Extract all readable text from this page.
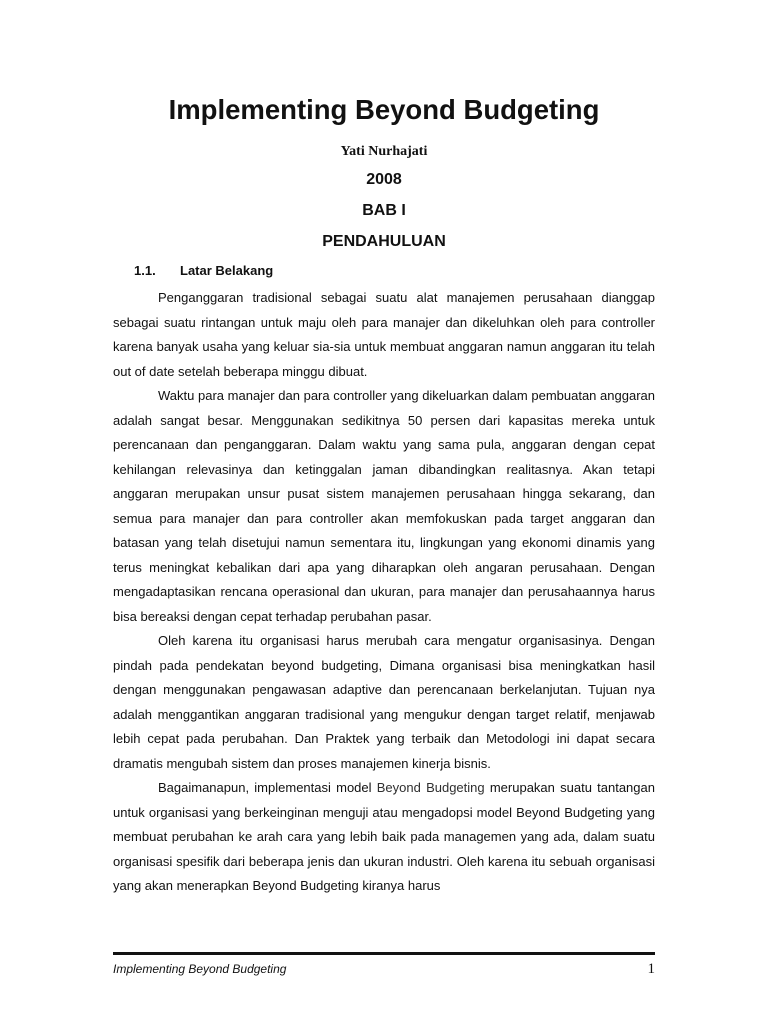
Implementing Beyond Budgeting
Yati Nurhajati
2008
BAB I
PENDAHULUAN
1.1. Latar Belakang

Penganggaran tradisional sebagai suatu alat manajemen perusahaan dianggap sebagai suatu rintangan untuk maju oleh para manajer dan dikeluhkan oleh para controller karena banyak usaha yang keluar sia-sia untuk membuat anggaran namun anggaran itu telah out of date setelah beberapa minggu dibuat.

Waktu para manajer dan para controller yang dikeluarkan dalam pembuatan anggaran adalah sangat besar. Menggunakan sedikitnya 50 persen dari kapasitas mereka untuk perencanaan dan penganggaran. Dalam waktu yang sama pula, anggaran dengan cepat kehilangan relevasinya dan ketinggalan jaman dibandingkan realitasnya. Akan tetapi anggaran merupakan unsur pusat sistem manajemen perusahaan hingga sekarang, dan semua para manajer dan para controller akan memfokuskan pada target anggaran dan batasan yang telah disetujui namun sementara itu, lingkungan yang ekonomi dinamis yang terus meningkat kebalikan dari apa yang diharapkan oleh angaran perusahaan. Dengan mengadaptasikan rencana operasional dan ukuran, para manajer dan perusahaannya harus bisa bereaksi dengan cepat terhadap perubahan pasar.

Oleh karena itu organisasi harus merubah cara mengatur organisasinya. Dengan pindah pada pendekatan beyond budgeting, Dimana organisasi bisa meningkatkan hasil dengan menggunakan pengawasan adaptive dan perencanaan berkelanjutan. Tujuan nya adalah menggantikan anggaran tradisional yang mengukur dengan target relatif, menjawab lebih cepat pada perubahan. Dan Praktek yang terbaik dan Metodologi ini dapat secara dramatis mengubah sistem dan proses manajemen kinerja bisnis.

Bagaimanapun, implementasi model Beyond Budgeting merupakan suatu tantangan untuk organisasi yang berkeinginan menguji atau mengadopsi model Beyond Budgeting yang membuat perubahan ke arah cara yang lebih baik pada managemen yang ada, dalam suatu organisasi spesifik dari beberapa jenis dan ukuran industri. Oleh karena itu sebuah organisasi yang akan menerapkan Beyond Budgeting kiranya harus

Implementing Beyond Budgeting	1
